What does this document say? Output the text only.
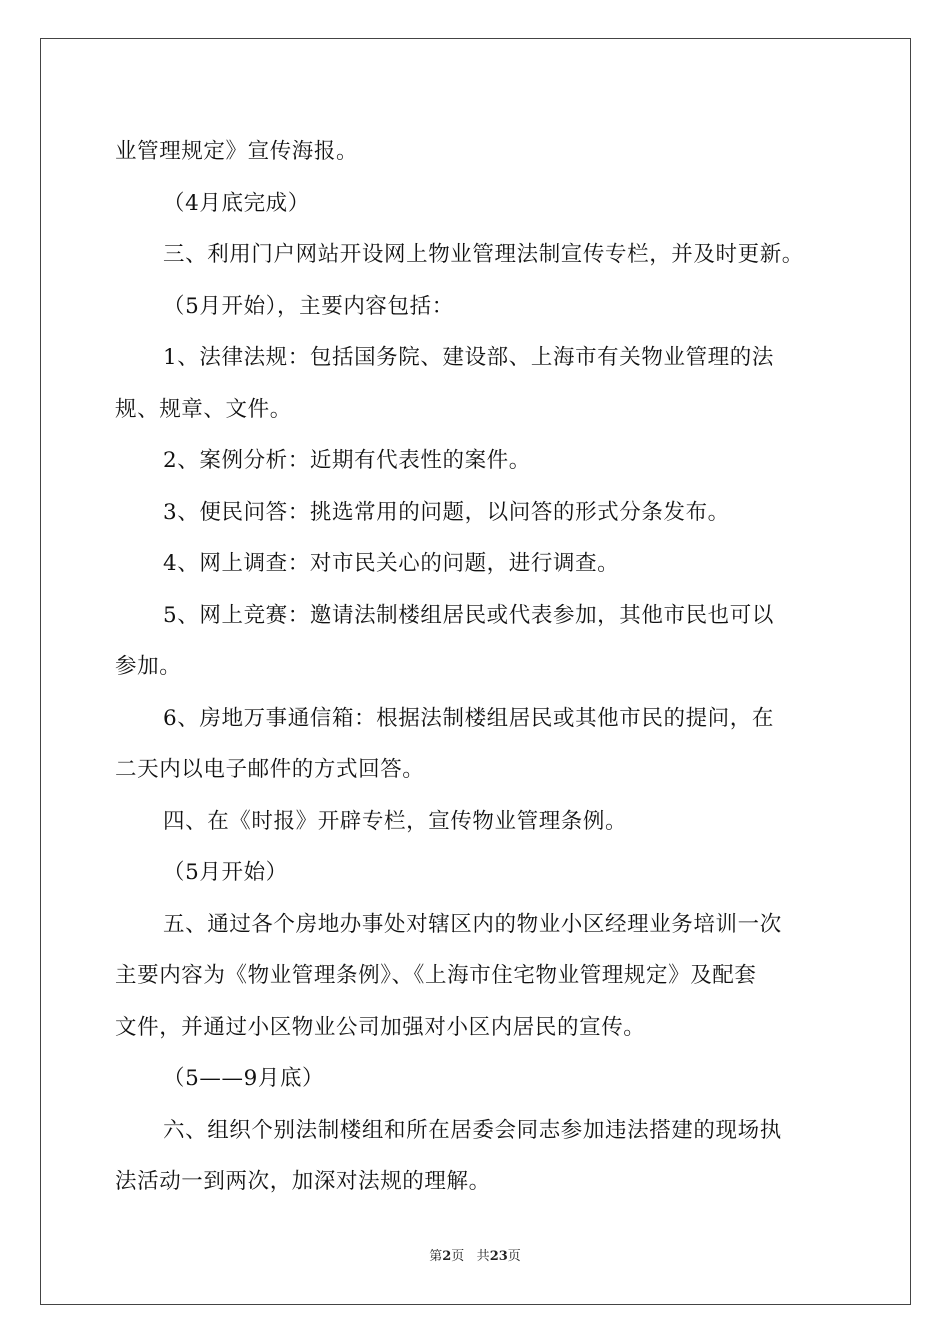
业管理规定》宣传海报。
（4月底完成）
三、利用门户网站开设网上物业管理法制宣传专栏，并及时更新。
（5月开始），主要内容包括：
1、法律法规：包括国务院、建设部、上海市有关物业管理的法
规、规章、文件。
2、案例分析：近期有代表性的案件。
3、便民问答：挑选常用的问题，以问答的形式分条发布。
4、网上调查：对市民关心的问题，进行调查。
5、网上竞赛：邀请法制楼组居民或代表参加，其他市民也可以
参加。
6、房地万事通信箱：根据法制楼组居民或其他市民的提问，在
二天内以电子邮件的方式回答。
四、在《时报》开辟专栏，宣传物业管理条例。
（5月开始）
五、通过各个房地办事处对辖区内的物业小区经理业务培训一次
主要内容为《物业管理条例》、《上海市住宅物业管理规定》及配套
文件，并通过小区物业公司加强对小区内居民的宣传。
（5——9月底）
六、组织个别法制楼组和所在居委会同志参加违法搭建的现场执
法活动一到两次，加深对法规的理解。
第2页 共23页
